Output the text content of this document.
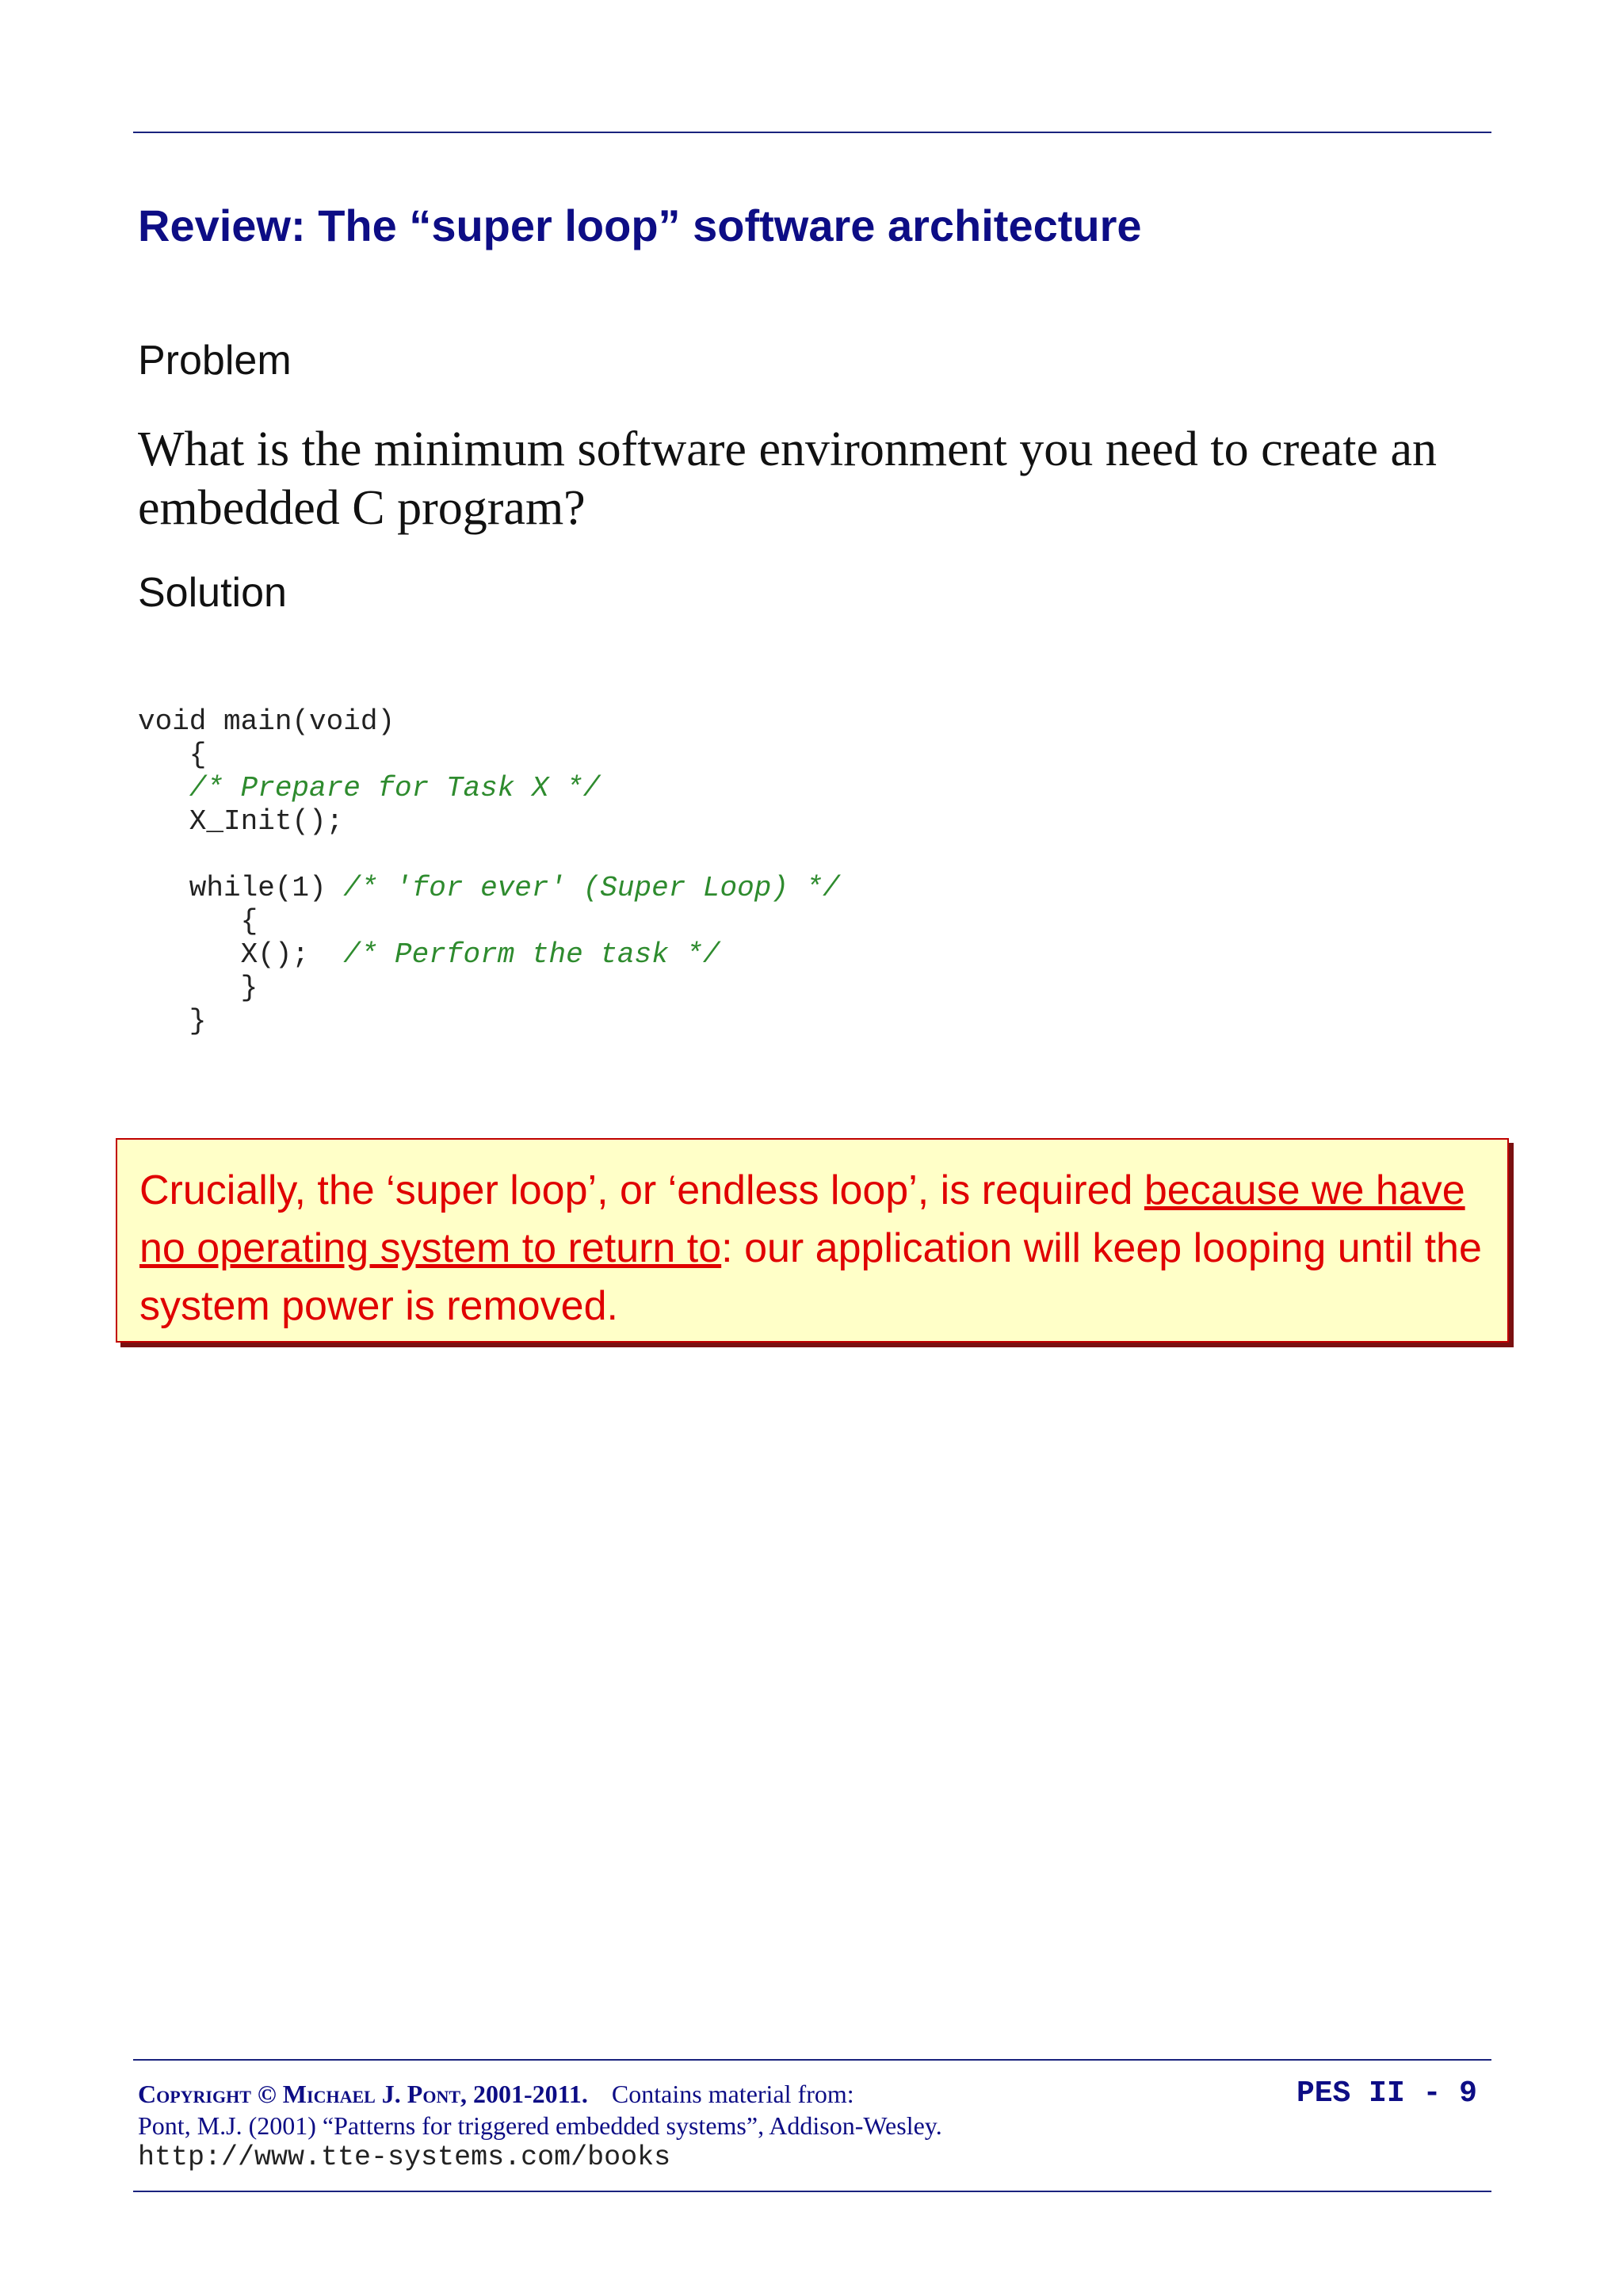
Review: The “super loop” software architecture
Problem
What is the minimum software environment you need to create an embedded C program?
Solution
void main(void)
{
/* Prepare for Task X */
X_Init();
while(1) /* 'for ever' (Super Loop) */
{
X();  /* Perform the task */
}
}

Crucially, the ‘super loop’, or ‘endless loop’, is required because we have no operating system to return to: our application will keep looping until the system power is removed.

Copyright © Michael J. Pont, 2001-2011. Contains material from:
Pont, M.J. (2001) “Patterns for triggered embedded systems”, Addison-Wesley.
http://www.tte-systems.com/books
PES II - 9
